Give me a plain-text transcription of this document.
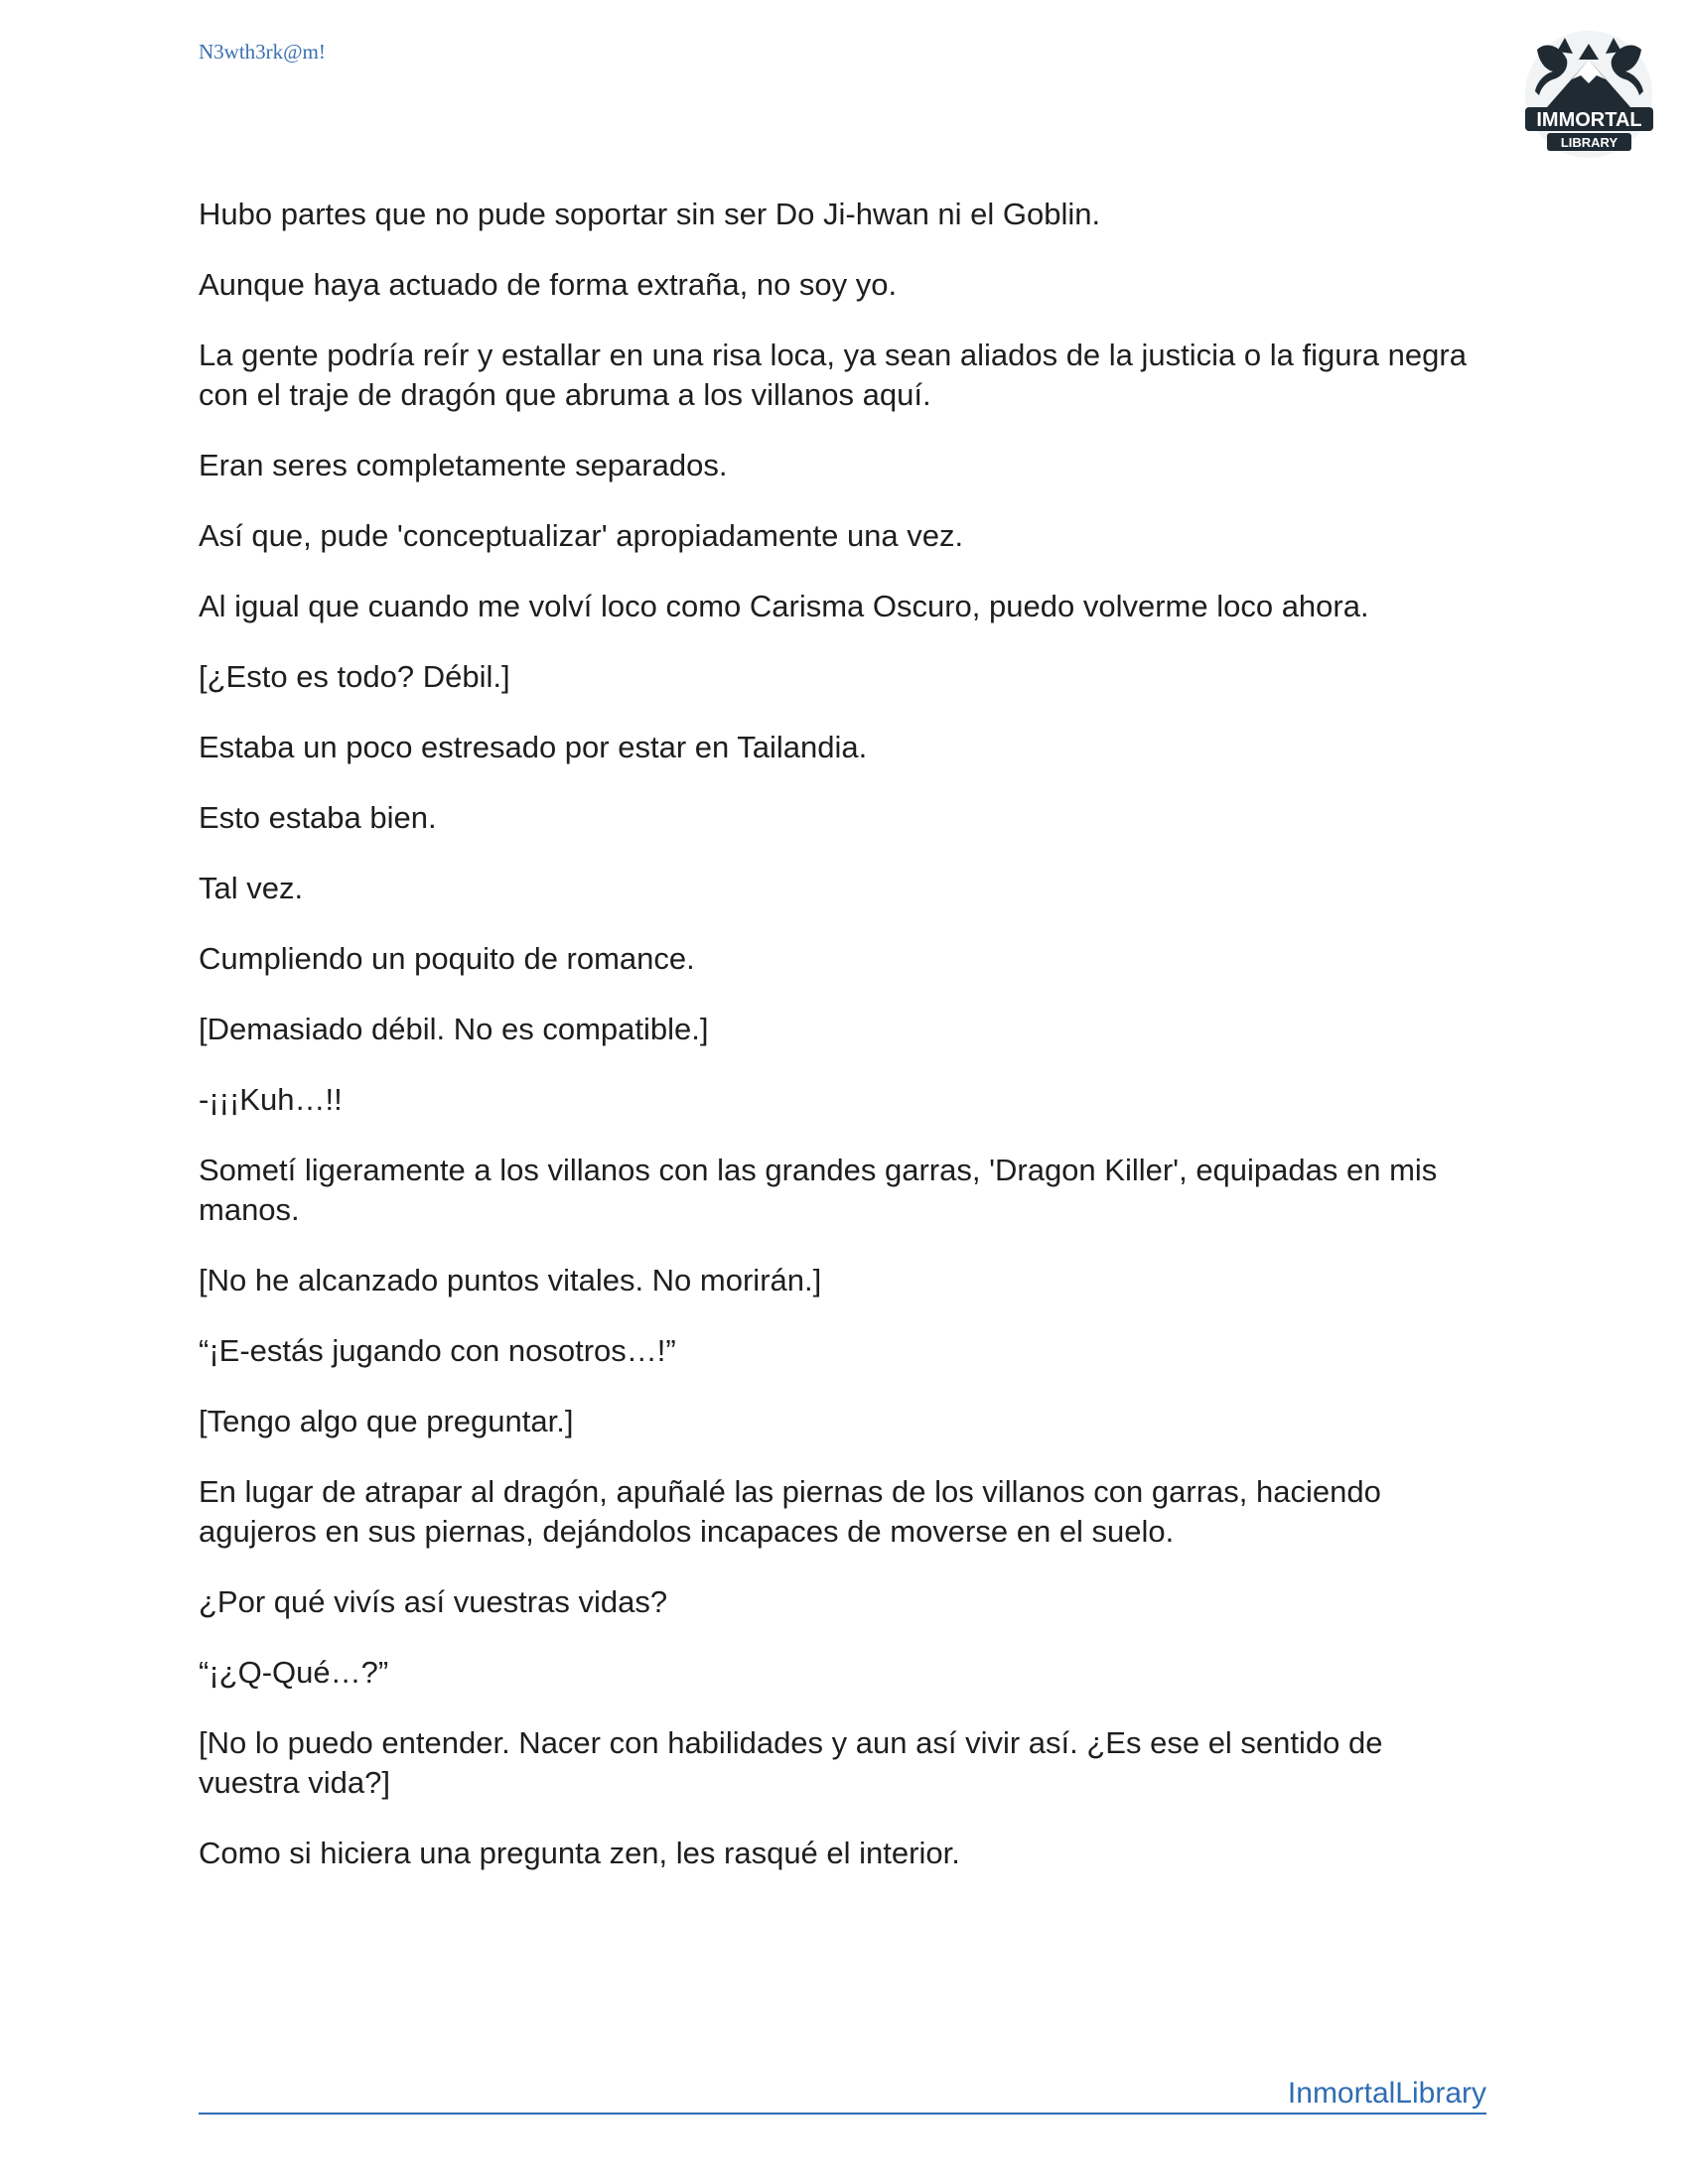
N3wth3rk@m!
IMMORTAL
LIBRARY

Hubo partes que no pude soportar sin ser Do Ji-hwan ni el Goblin.

Aunque haya actuado de forma extraña, no soy yo.

La gente podría reír y estallar en una risa loca, ya sean aliados de la justicia o la figura negra con el traje de dragón que abruma a los villanos aquí.

Eran seres completamente separados.

Así que, pude 'conceptualizar' apropiadamente una vez.

Al igual que cuando me volví loco como Carisma Oscuro, puedo volverme loco ahora.

[¿Esto es todo? Débil.]

Estaba un poco estresado por estar en Tailandia.

Esto estaba bien.

Tal vez.

Cumpliendo un poquito de romance.

[Demasiado débil. No es compatible.]

-¡¡¡Kuh…!!

Sometí ligeramente a los villanos con las grandes garras, 'Dragon Killer', equipadas en mis manos.

[No he alcanzado puntos vitales. No morirán.]

“¡E-estás jugando con nosotros…!”

[Tengo algo que preguntar.]

En lugar de atrapar al dragón, apuñalé las piernas de los villanos con garras, haciendo agujeros en sus piernas, dejándolos incapaces de moverse en el suelo.

¿Por qué vivís así vuestras vidas?

“¡¿Q-Qué…?”

[No lo puedo entender. Nacer con habilidades y aun así vivir así. ¿Es ese el sentido de vuestra vida?]

Como si hiciera una pregunta zen, les rasqué el interior.

InmortalLibrary
